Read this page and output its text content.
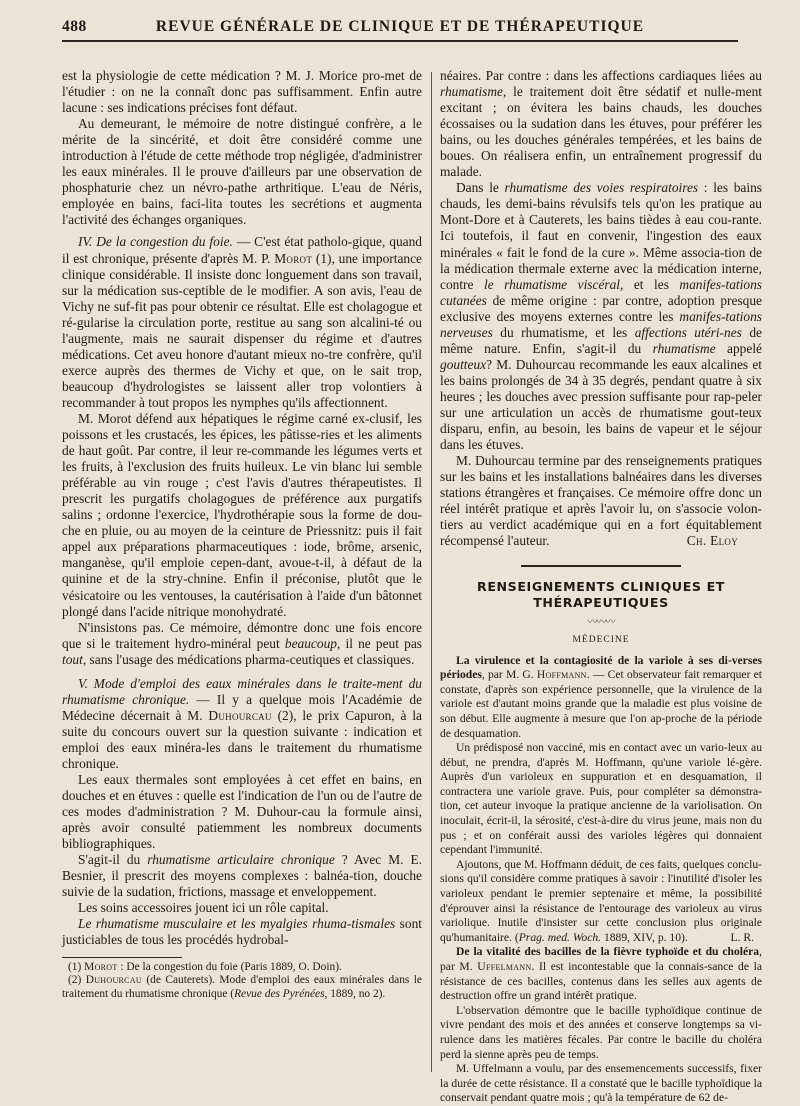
488	REVUE GÉNÉRALE DE CLINIQUE ET DE THÉRAPEUTIQUE

est la physiologie de cette médication ? M. J. Morice pro-met de l'étudier : on ne la connaît donc pas suffisamment. Enfin autre lacune : ses indications précises font défaut.

Au demeurant, le mémoire de notre distingué confrère, a le mérite de la sincérité, et doit être considéré comme une introduction à l'étude de cette méthode trop négligée, d'administrer les eaux minérales. Il le prouve d'ailleurs par une observation de phosphaturie chez un névro-pathe arthritique. L'eau de Néris, employée en bains, faci-lita toutes les secrétions et augmenta l'activité des échanges organiques.

IV. De la congestion du foie. — C'est état patholo-gique, quand il est chronique, présente d'après M. P. Morot (1), une importance clinique considérable. Il insiste donc longuement dans son travail, sur la médication sus-ceptible de le modifier. A son avis, l'eau de Vichy ne suf-fit pas pour obtenir ce résultat. Elle est cholagogue et ré-gularise la circulation porte, restitue au sang son alcalini-té ou l'augmente, mais ne saurait dispenser du régime et d'autres médications. Cet aveu honore d'autant mieux no-tre confrère, qu'il exerce auprès des thermes de Vichy et que, on le sait trop, beaucoup d'hydrologistes se laissent aller trop volontiers à recommander à tout propos les nymphes qu'ils affectionnent.

M. Morot défend aux hépatiques le régime carné ex-clusif, les poissons et les crustacés, les épices, les pâtisse-ries et les aliments de haut goût. Par contre, il leur re-commande les légumes verts et les fruits, à l'exclusion des fruits huileux. Le vin blanc lui semble préférable au vin rouge ; c'est l'avis d'autres thérapeutistes. Il prescrit les purgatifs cholagogues de préférence aux purgatifs salins ; ordonne l'exercice, l'hydrothérapie sous la forme de dou-che en pluie, ou au moyen de la ceinture de Priessnitz: puis il fait appel aux préparations pharmaceutiques : iode, brôme, arsenic, manganèse, qu'il emploie cepen-dant, avoue-t-il, à défaut de la quinine et de la stry-chnine. Enfin il préconise, plutôt que le vésicatoire ou les ventouses, la cautérisation à l'aide d'un bâtonnet plongé dans l'acide nitrique monohydraté.

N'insistons pas. Ce mémoire, démontre donc une fois encore que si le traitement hydro-minéral peut beaucoup, il ne peut pas tout, sans l'usage des médications pharma-ceutiques et classiques.

V. Mode d'emploi des eaux minérales dans le traite-ment du rhumatisme chronique. — Il y a quelque mois l'Académie de Médecine décernait à M. Duhourcau (2), le prix Capuron, à la suite du concours ouvert sur la question suivante : indication et emploi des eaux minéra-les dans le traitement du rhumatisme chronique.

Les eaux thermales sont employées à cet effet en bains, en douches et en étuves : quelle est l'indication de l'un ou de l'autre de ces modes d'administration ? M. Duhour-cau la formule ainsi, après avoir consulté patiemment les nombreux documents bibliographiques.

S'agit-il du rhumatisme articulaire chronique ? Avec M. E. Besnier, il prescrit des moyens complexes : balnéa-tion, douche suivie de la sudation, frictions, massage et enveloppement.

Les soins accessoires jouent ici un rôle capital.

Le rhumatisme musculaire et les myalgies rhuma-tismales sont justiciables de tous les procédés hydrobal-

(1) Morot : De la congestion du foie (Paris 1889, O. Doin).

(2) Duhourcau (de Cauterets). Mode d'emploi des eaux minérales dans le traitement du rhumatisme chronique (Revue des Pyrénées, 1889, no 2).

néaires. Par contre : dans les affections cardiaques liées au rhumatisme, le traitement doit être sédatif et nulle-ment excitant ; on évitera les bains chauds, les douches écossaises ou la sudation dans les étuves, pour préférer les bains, ou les douches générales tempérées, et les bains de boues. On réalisera enfin, un entraînement progressif du malade.

Dans le rhumatisme des voies respiratoires : les bains chauds, les demi-bains révulsifs tels qu'on les pratique au Mont-Dore et à Cauterets, les bains tièdes à eau cou-rante. Ici toutefois, il faut en convenir, l'ingestion des eaux minérales « fait le fond de la cure ». Même associa-tion de la médication thermale externe avec la médication interne, contre le rhumatisme viscéral, et les manifes-tations cutanées de même origine : par contre, adoption presque exclusive des moyens externes contre les manifes-tations nerveuses du rhumatisme, et les affections utéri-nes de même nature. Enfin, s'agit-il du rhumatisme appelé goutteux? M. Duhourcau recommande les eaux alcalines et les bains prolongés de 34 à 35 degrés, pendant quatre à six heures ; les douches avec pression suffisante pour rap-peler sur une articulation un accès de rhumatisme gout-teux disparu, enfin, au besoin, les bains de vapeur et le séjour dans les étuves.

M. Duhourcau termine par des renseignements pratiques sur les bains et les installations balnéaires dans les diverses stations étrangères et françaises. Ce mémoire offre donc un réel intérêt pratique et après l'avoir lu, on s'associe volon-tiers au verdict académique qui en a fort équitablement récompensé l'auteur.	Ch. Eloy

RENSEIGNEMENTS CLINIQUES ET THÉRAPEUTIQUES
〰〰〰
MÉDECINE

La virulence et la contagiosité de la variole à ses di-verses périodes, par M. G. Hoffmann. — Cet observateur fait remarquer et constate, d'après son expérience personnelle, que la virulence de la variole est d'autant moins grande que la maladie est plus voisine de son début. Elle augmente à mesure que l'on ap-proche de la période de desquamation.

Un prédisposé non vacciné, mis en contact avec un vario-leux au début, ne prendra, d'après M. Hoffmann, qu'une variole lé-gère. Auprès d'un varioleux en suppuration et en desquamation, il contractera une variole grave. Puis, pour compléter sa démonstra-tion, cet auteur invoque la pratique ancienne de la variolisation. On inoculait, écrit-il, la sérosité, c'est-à-dire du virus jeune, mais non du pus ; et on conférait aussi des varioles légères qui donnaient cependant l'immunité.

Ajoutons, que M. Hoffmann déduit, de ces faits, quelques conclu-sions qu'il considère comme pratiques à savoir : l'inutilité d'isoler les varioleux pendant le premier septenaire et même, la possibilité d'éprouver ainsi la résistance de l'entourage des varioleux au virus variolique. Inutile d'insister sur cette conclusion plus originale qu'humanitaire. (Prag. med. Woch. 1889, XIV, p. 10).	L. R.

De la vitalité des bacilles de la fièvre typhoïde et du choléra, par M. Uffelmann. Il est incontestable que la connais-sance de la résistance de ces bacilles, contenus dans les selles aux agents de destruction offre un grand intérêt pratique.

L'observation démontre que le bacille typhoïdique continue de vivre pendant des mois et des années et conserve longtemps sa vi-rulence dans les matières fécales. Par contre le bacille du choléra perd la sienne après peu de temps.

M. Uffelmann a voulu, par des ensemencements successifs, fixer la durée de cette résistance. Il a constaté que le bacille typhoïdique la conservait pendant quatre mois ; qu'à la température de 62 de-
